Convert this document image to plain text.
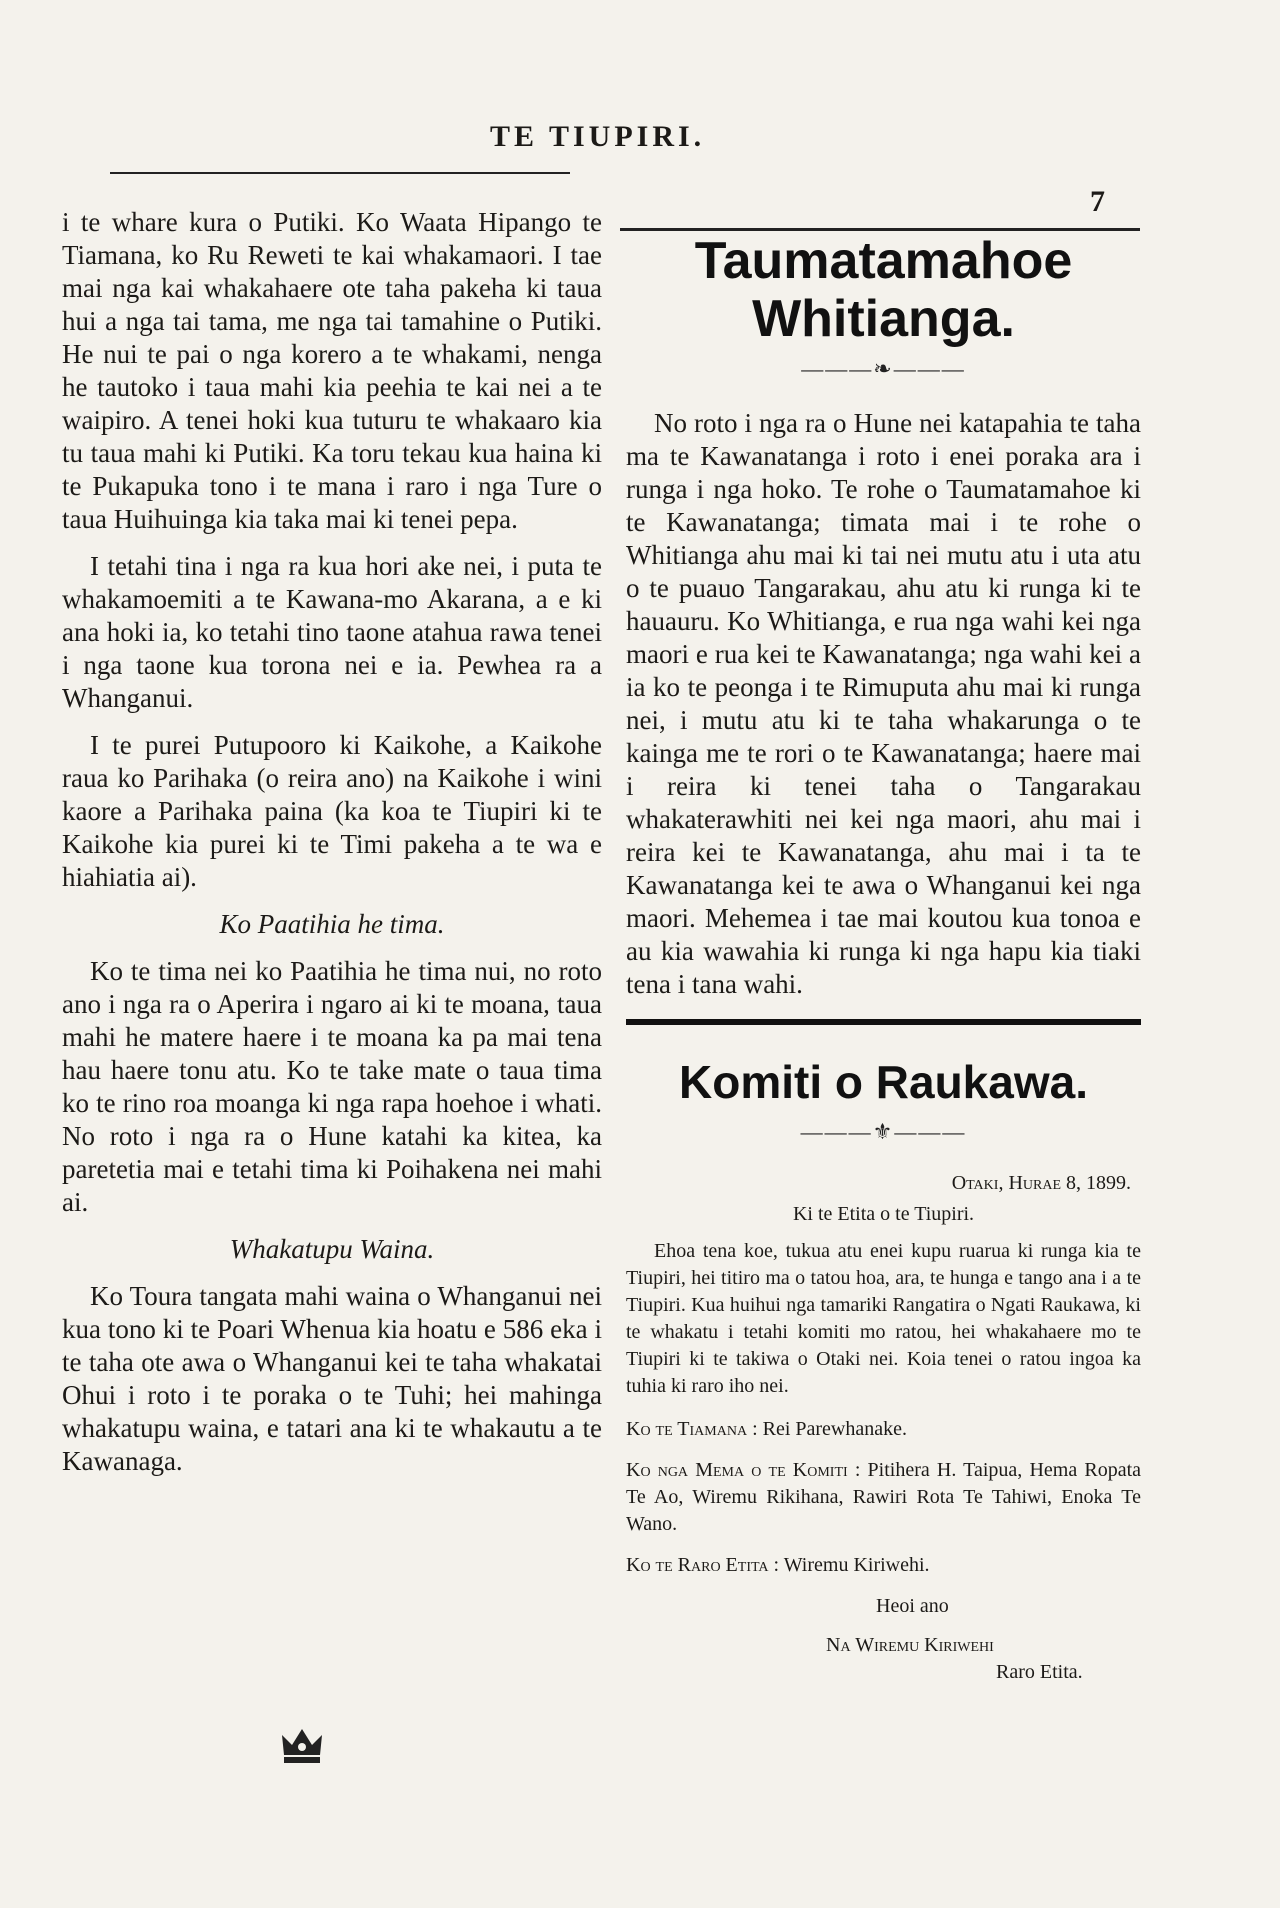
TE TIUPIRI.
7

i te whare kura o Putiki. Ko Waata Hipango te Tiamana, ko Ru Reweti te kai whakamaori. I tae mai nga kai whakahaere ote taha pakeha ki taua hui a nga tai tama, me nga tai tamahine o Putiki. He nui te pai o nga korero a te whakami, nenga he tautoko i taua mahi kia peehia te kai nei a te waipiro. A tenei hoki kua tuturu te whakaaro kia tu taua mahi ki Putiki. Ka toru tekau kua haina ki te Pukapuka tono i te mana i raro i nga Ture o taua Huihuinga kia taka mai ki tenei pepa.

I tetahi tina i nga ra kua hori ake nei, i puta te whakamoemiti a te Kawana-mo Akarana, a e ki ana hoki ia, ko tetahi tino taone atahua rawa tenei i nga taone kua torona nei e ia. Pewhea ra a Whanganui.

I te purei Putupooro ki Kaikohe, a Kaikohe raua ko Parihaka (o reira ano) na Kaikohe i wini kaore a Parihaka paina (ka koa te Tiupiri ki te Kaikohe kia purei ki te Timi pakeha a te wa e hiahiatia ai).

Ko Paatihia he tima.

Ko te tima nei ko Paatihia he tima nui, no roto ano i nga ra o Aperira i ngaro ai ki te moana, taua mahi he matere haere i te moana ka pa mai tena hau haere tonu atu. Ko te take mate o taua tima ko te rino roa moanga ki nga rapa hoehoe i whati. No roto i nga ra o Hune katahi ka kitea, ka paretetia mai e tetahi tima ki Poihakena nei mahi ai.

Whakatupu Waina.

Ko Toura tangata mahi waina o Whanganui nei kua tono ki te Poari Whenua kia hoatu e 586 eka i te taha ote awa o Whanganui kei te taha whakatai Ohui i roto i te poraka o te Tuhi; hei mahinga whakatupu waina, e tatari ana ki te whakautu a te Kawanaga.

Taumatamahoe Whitianga.
———❧———

No roto i nga ra o Hune nei katapahia te taha ma te Kawanatanga i roto i enei poraka ara i runga i nga hoko. Te rohe o Taumatamahoe ki te Kawanatanga; timata mai i te rohe o Whitianga ahu mai ki tai nei mutu atu i uta atu o te puauo Tangarakau, ahu atu ki runga ki te hauauru. Ko Whitianga, e rua nga wahi kei nga maori e rua kei te Kawanatanga; nga wahi kei a ia ko te peonga i te Rimuputa ahu mai ki runga nei, i mutu atu ki te taha whakarunga o te kainga me te rori o te Kawanatanga; haere mai i reira ki tenei taha o Tangarakau whakaterawhiti nei kei nga maori, ahu mai i reira kei te Kawanatanga, ahu mai i ta te Kawanatanga kei te awa o Whanganui kei nga maori. Mehemea i tae mai koutou kua tonoa e au kia wawahia ki runga ki nga hapu kia tiaki tena i tana wahi.

Komiti o Raukawa.
———⚜———
Otaki, Hurae 8, 1899.
Ki te Etita o te Tiupiri.
Ehoa tena koe, tukua atu enei kupu ruarua ki runga kia te Tiupiri, hei titiro ma o tatou hoa, ara, te hunga e tango ana i a te Tiupiri. Kua huihui nga tamariki Rangatira o Ngati Raukawa, ki te whakatu i tetahi komiti mo ratou, hei whakahaere mo te Tiupiri ki te takiwa o Otaki nei. Koia tenei o ratou ingoa ka tuhia ki raro iho nei.
Ko te Tiamana : Rei Parewhanake.
Ko nga Mema o te Komiti : Pitihera H. Taipua, Hema Ropata Te Ao, Wiremu Rikihana, Rawiri Rota Te Tahiwi, Enoka Te Wano.
Ko te Raro Etita : Wiremu Kiriwehi.
Heoi ano
Na Wiremu Kiriwehi
Raro Etita.
